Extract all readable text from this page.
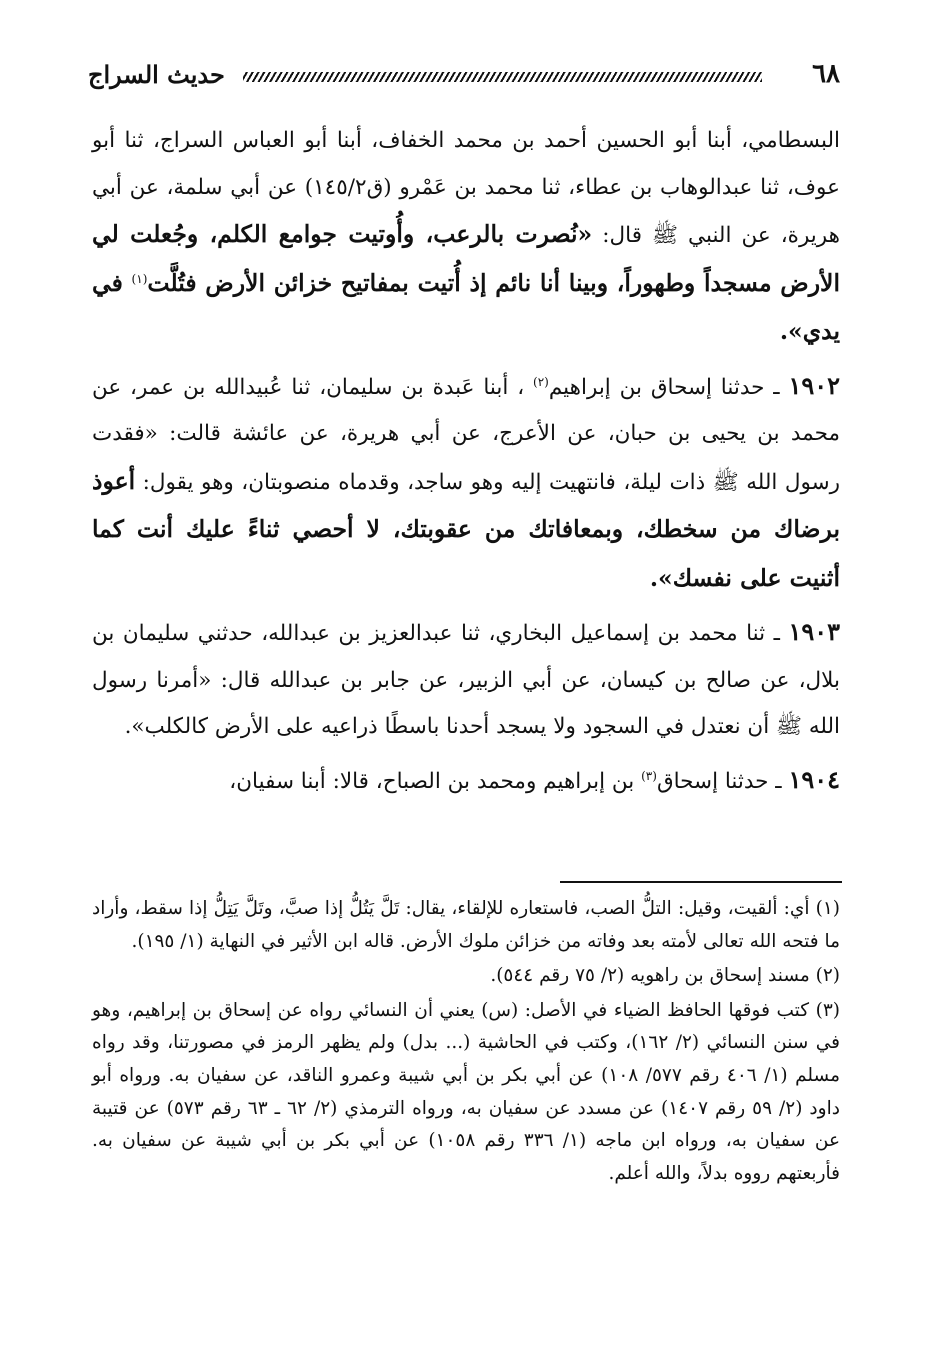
٦٨
حديث السراج

البسطامي، أبنا أبو الحسين أحمد بن محمد الخفاف، أبنا أبو العباس السراج، ثنا أبو عوف، ثنا عبدالوهاب بن عطاء، ثنا محمد بن عَمْرو (ق١٤٥/٢) عن أبي سلمة، عن أبي هريرة، عن النبي ﷺ قال: «نُصرت بالرعب، وأُوتيت جوامع الكلم، وجُعلت لي الأرض مسجداً وطهوراً، وبينا أنا نائم إذ أُتيت بمفاتيح خزائن الأرض فتُلَّت$^{(١)}$ في يدي».

١٩٠٢ ـ حدثنا إسحاق بن إبراهيم$^{(٢)}$ ، أبنا عَبدة بن سليمان، ثنا عُبيدالله بن عمر، عن محمد بن يحيى بن حبان، عن الأعرج، عن أبي هريرة، عن عائشة قالت: «فقدت رسول الله ﷺ ذات ليلة، فانتهيت إليه وهو ساجد، وقدماه منصوبتان، وهو يقول: أعوذ برضاك من سخطك، وبمعافاتك من عقوبتك، لا أحصي ثناءً عليك أنت كما أثنيت على نفسك».

١٩٠٣ ـ ثنا محمد بن إسماعيل البخاري، ثنا عبدالعزيز بن عبدالله، حدثني سليمان بن بلال، عن صالح بن كيسان، عن أبي الزبير، عن جابر بن عبدالله قال: «أمرنا رسول الله ﷺ أن نعتدل في السجود ولا يسجد أحدنا باسطًا ذراعيه على الأرض كالكلب».

١٩٠٤ ـ حدثنا إسحاق$^{(٣)}$ بن إبراهيم ومحمد بن الصباح، قالا: أبنا سفيان،

(١) أي: ألقيت، وقيل: التلُّ الصب، فاستعاره للإلقاء، يقال: تَلَّ يَتُلُّ إذا صبَّ، وتَلَّ يَتِلُّ إذا سقط، وأراد ما فتحه الله تعالى لأمته بعد وفاته من خزائن ملوك الأرض. قاله ابن الأثير في النهاية (١/ ١٩٥).

(٢) مسند إسحاق بن راهويه (٢/ ٧٥ رقم ٥٤٤).

(٣) كتب فوقها الحافظ الضياء في الأصل: (س) يعني أن النسائي رواه عن إسحاق بن إبراهيم، وهو في سنن النسائي (٢/ ١٦٢)، وكتب في الحاشية (... بدل) ولم يظهر الرمز في مصورتنا، وقد رواه مسلم (١/ ٤٠٦ رقم ٥٧٧/ ١٠٨) عن أبي بكر بن أبي شيبة وعمرو الناقد، عن سفيان به. ورواه أبو داود (٢/ ٥٩ رقم ١٤٠٧) عن مسدد عن سفيان به، ورواه الترمذي (٢/ ٦٢ ـ ٦٣ رقم ٥٧٣) عن قتيبة عن سفيان به، ورواه ابن ماجه (١/ ٣٣٦ رقم ١٠٥٨) عن أبي بكر بن أبي شيبة عن سفيان به. فأربعتهم رووه بدلاً، والله أعلم.
